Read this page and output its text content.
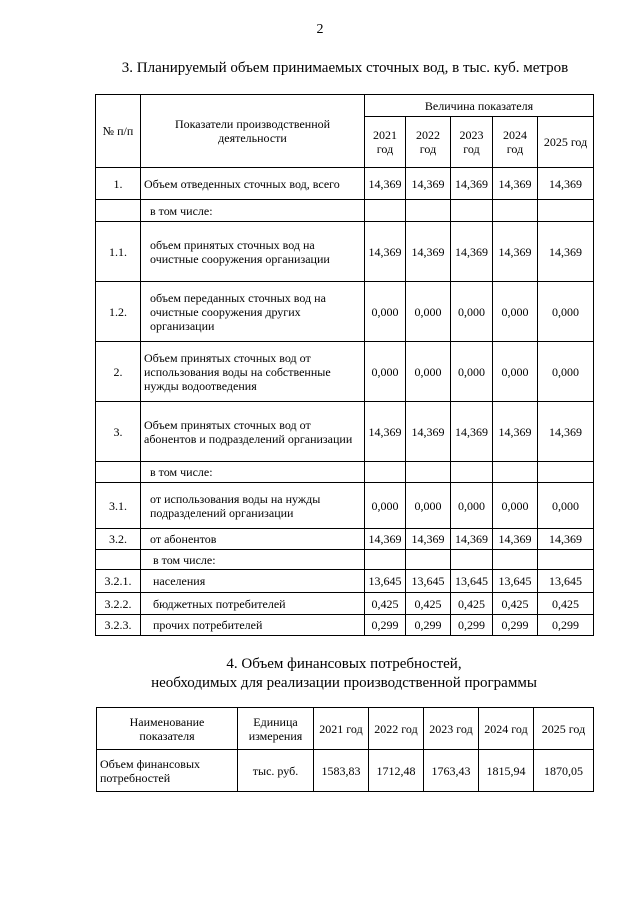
2
3. Планируемый объем принимаемых сточных вод, в тыс. куб. метров
№ п/п	Показатели производственной деятельности	Величина показателя				
		2021 год	2022 год	2023 год	2024 год	2025 год
1.	Объем отведенных сточных вод, всего	14,369	14,369	14,369	14,369	14,369
	в том числе:					
1.1.	объем принятых сточных вод на очистные сооружения организации	14,369	14,369	14,369	14,369	14,369
1.2.	объем переданных сточных вод на очистные сооружения других организации	0,000	0,000	0,000	0,000	0,000
2.	Объем принятых сточных вод от использования воды на собственные нужды водоотведения	0,000	0,000	0,000	0,000	0,000
3.	Объем принятых сточных вод от абонентов и подразделений организации	14,369	14,369	14,369	14,369	14,369
	в том числе:					
3.1.	от использования воды на нужды подразделений организации	0,000	0,000	0,000	0,000	0,000
3.2.	от абонентов	14,369	14,369	14,369	14,369	14,369
	в том числе:					
3.2.1.	населения	13,645	13,645	13,645	13,645	13,645
3.2.2.	бюджетных потребителей	0,425	0,425	0,425	0,425	0,425
3.2.3.	прочих потребителей	0,299	0,299	0,299	0,299	0,299
4. Объем финансовых потребностей,
необходимых для реализации производственной программы
Наименование показателя	Единица измерения	2021 год	2022 год	2023 год	2024 год	2025 год
Объем финансовых потребностей	тыс. руб.	1583,83	1712,48	1763,43	1815,94	1870,05
